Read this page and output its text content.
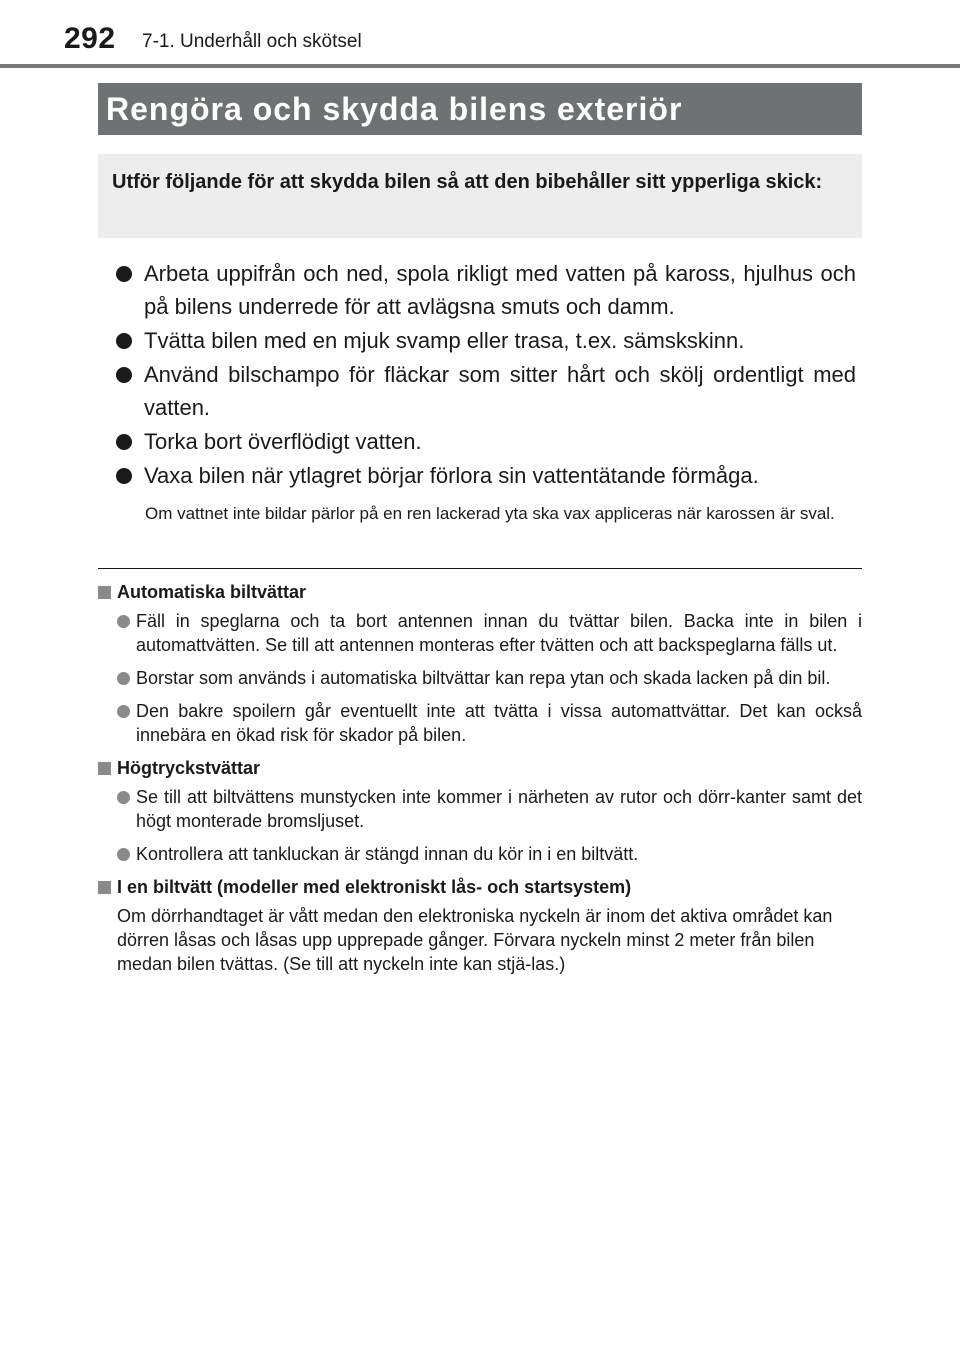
292 7-1. Underhåll och skötsel
Rengöra och skydda bilens exteriör
Utför följande för att skydda bilen så att den bibehåller sitt ypperliga skick:
Arbeta uppifrån och ned, spola rikligt med vatten på kaross, hjulhus och på bilens underrede för att avlägsna smuts och damm.
Tvätta bilen med en mjuk svamp eller trasa, t.ex. sämskskinn.
Använd bilschampo för fläckar som sitter hårt och skölj ordentligt med vatten.
Torka bort överflödigt vatten.
Vaxa bilen när ytlagret börjar förlora sin vattentätande förmåga.
Om vattnet inte bildar pärlor på en ren lackerad yta ska vax appliceras när karossen är sval.
Automatiska biltvättar
Fäll in speglarna och ta bort antennen innan du tvättar bilen. Backa inte in bilen i automattvätten. Se till att antennen monteras efter tvätten och att backspeglarna fälls ut.
Borstar som används i automatiska biltvättar kan repa ytan och skada lacken på din bil.
Den bakre spoilern går eventuellt inte att tvätta i vissa automattvättar. Det kan också innebära en ökad risk för skador på bilen.
Högtryckstvättar
Se till att biltvättens munstycken inte kommer i närheten av rutor och dörr-kanter samt det högt monterade bromsljuset.
Kontrollera att tankluckan är stängd innan du kör in i en biltvätt.
I en biltvätt (modeller med elektroniskt lås- och startsystem)
Om dörrhandtaget är vått medan den elektroniska nyckeln är inom det aktiva området kan dörren låsas och låsas upp upprepade gånger. Förvara nyckeln minst 2 meter från bilen medan bilen tvättas. (Se till att nyckeln inte kan stjä-las.)
